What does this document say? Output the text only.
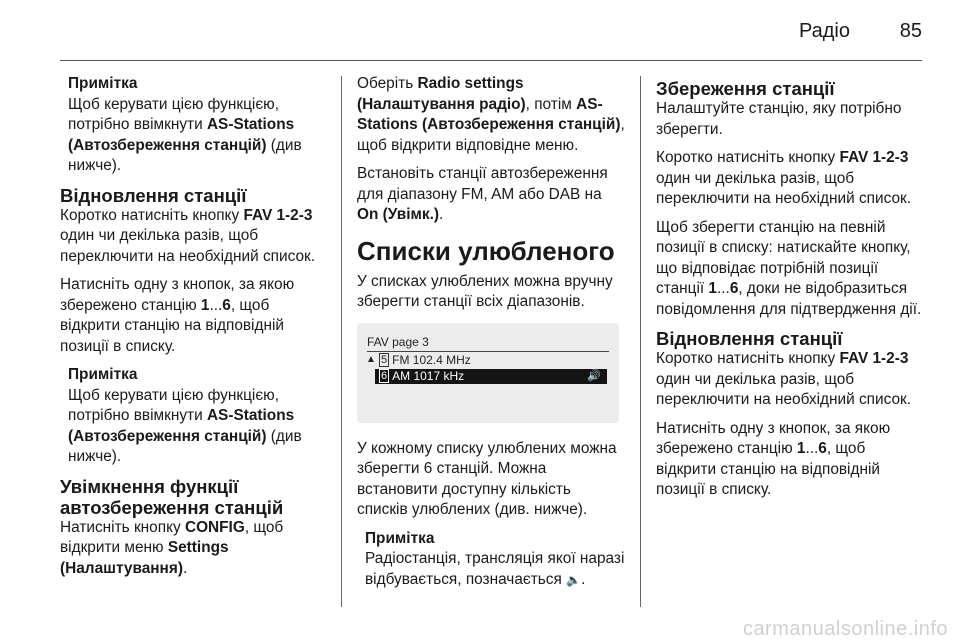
Радіо 85
Примітка
Щоб керувати цією функцією, потрібно ввімкнути AS-Stations (Автозбереження станцій) (див нижче).
Відновлення станції

Коротко натисніть кнопку FAV 1-2-3 один чи декілька разів, щоб переключити на необхідний список.

Натисніть одну з кнопок, за якою збережено станцію 1...6, щоб відкрити станцію на відповідній позиції в списку.

Примітка
Щоб керувати цією функцією, потрібно ввімкнути AS-Stations (Автозбереження станцій) (див нижче).
Увімкнення функції автозбереження станцій

Натисніть кнопку CONFIG, щоб відкрити меню Settings (Налаштування).

Оберіть Radio settings (Налаштування радіо), потім AS-Stations (Автозбереження станцій), щоб відкрити відповідне меню.

Встановіть станції автозбереження для діапазону FM, AM або DAB на On (Увімк.).

Списки улюбленого

У списках улюблених можна вручну зберегти станції всіх діапазонів.

FAV page 3
▲ 5 FM 102.4 MHz
6 AM 1017 kHz	🔊

У кожному списку улюблених можна зберегти 6 станцій. Можна встановити доступну кількість списків улюблених (див. нижче).

Примітка
Радіостанція, трансляція якої наразі відбувається, позначається 🔈.
Збереження станції

Налаштуйте станцію, яку потрібно зберегти.

Коротко натисніть кнопку FAV 1-2-3 один чи декілька разів, щоб переключити на необхідний список.

Щоб зберегти станцію на певній позиції в списку: натискайте кнопку, що відповідає потрібній позиції станції 1...6, доки не відобразиться повідомлення для підтвердження дії.

Відновлення станції

Коротко натисніть кнопку FAV 1-2-3 один чи декілька разів, щоб переключити на необхідний список.

Натисніть одну з кнопок, за якою збережено станцію 1...6, щоб відкрити станцію на відповідній позиції в списку.

carmanualsonline.info
